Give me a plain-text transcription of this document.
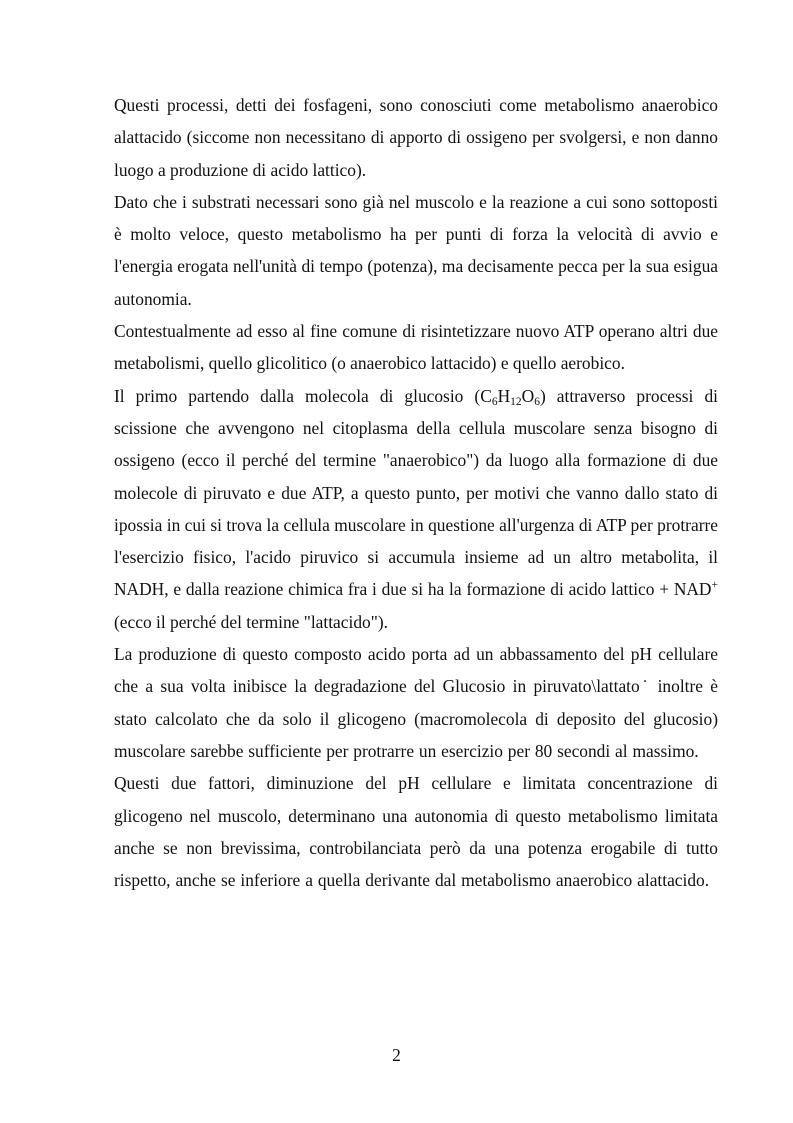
Questi processi, detti dei fosfageni, sono conosciuti come metabolismo anaerobico alattacido (siccome non necessitano di apporto di ossigeno per svolgersi, e non danno luogo a produzione di acido lattico).

Dato che i substrati necessari sono già nel muscolo e la reazione a cui sono sottoposti è molto veloce, questo metabolismo ha per punti di forza la velocità di avvio e l'energia erogata nell'unità di tempo (potenza), ma decisamente pecca per la sua esigua autonomia.

Contestualmente ad esso al fine comune di risintetizzare nuovo ATP operano altri due metabolismi, quello glicolitico (o anaerobico lattacido) e quello aerobico.

Il primo partendo dalla molecola di glucosio $(C_6H_{12}O_6)$ attraverso processi di scissione che avvengono nel citoplasma della cellula muscolare senza bisogno di ossigeno (ecco il perché del termine "anaerobico") da luogo alla formazione di due molecole di piruvato e due ATP, a questo punto, per motivi che vanno dallo stato di ipossia in cui si trova la cellula muscolare in questione all'urgenza di ATP per protrarre l'esercizio fisico, l'acido piruvico si accumula insieme ad un altro metabolita, il NADH, e dalla reazione chimica fra i due si ha la formazione di acido lattico + NAD+ (ecco il perché del termine "lattacido").

La produzione di questo composto acido porta ad un abbassamento del pH cellulare che a sua volta inibisce la degradazione del Glucosio in piruvato\lattato˙ inoltre è stato calcolato che da solo il glicogeno (macromolecola di deposito del glucosio) muscolare sarebbe sufficiente per protrarre un esercizio per 80 secondi al massimo.

Questi due fattori, diminuzione del pH cellulare e limitata concentrazione di glicogeno nel muscolo, determinano una autonomia di questo metabolismo limitata anche se non brevissima, controbilanciata però da una potenza erogabile di tutto rispetto, anche se inferiore a quella derivante dal metabolismo anaerobico alattacido.

2
